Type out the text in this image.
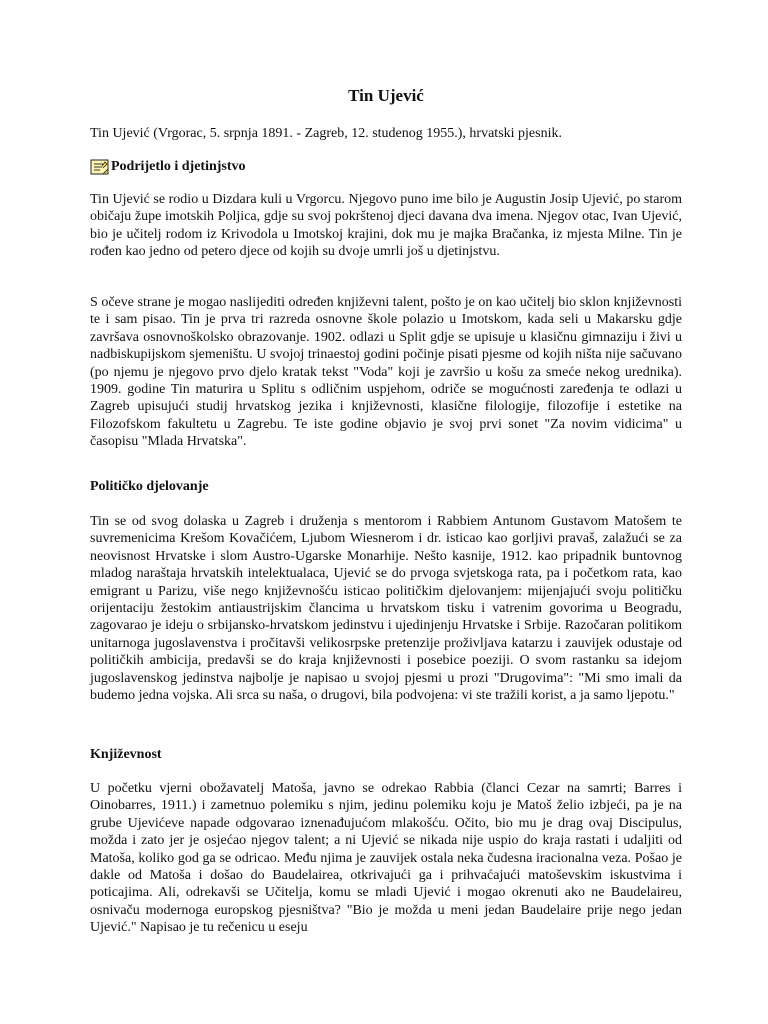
Tin Ujević

Tin Ujević (Vrgorac, 5. srpnja 1891. - Zagreb, 12. studenog 1955.), hrvatski pjesnik.

Podrijetlo i djetinjstvo

Tin Ujević se rodio u Dizdara kuli u Vrgorcu. Njegovo puno ime bilo je Augustin Josip Ujević, po starom običaju župe imotskih Poljica, gdje su svoj pokrštenoj djeci davana dva imena. Njegov otac, Ivan Ujević, bio je učitelj rodom iz Krivodola u Imotskoj krajini, dok mu je majka Bračanka, iz mjesta Milne. Tin je rođen kao jedno od petero djece od kojih su dvoje umrli još u djetinjstvu.

S očeve strane je mogao naslijediti određen književni talent, pošto je on kao učitelj bio sklon književnosti te i sam pisao. Tin je prva tri razreda osnovne škole polazio u Imotskom, kada seli u Makarsku gdje završava osnovnoškolsko obrazovanje. 1902. odlazi u Split gdje se upisuje u klasičnu gimnaziju i živi u nadbiskupijskom sjemeništu. U svojoj trinaestoj godini počinje pisati pjesme od kojih ništa nije sačuvano (po njemu je njegovo prvo djelo kratak tekst "Voda" koji je završio u košu za smeće nekog urednika). 1909. godine Tin maturira u Splitu s odličnim uspjehom, odriče se mogućnosti zaređenja te odlazi u Zagreb upisujući studij hrvatskog jezika i književnosti, klasične filologije, filozofije i estetike na Filozofskom fakultetu u Zagrebu. Te iste godine objavio je svoj prvi sonet "Za novim vidicima" u časopisu "Mlada Hrvatska".

Političko djelovanje

Tin se od svog dolaska u Zagreb i druženja s mentorom i Rabbiem Antunom Gustavom Matošem te suvremenicima Krešom Kovačićem, Ljubom Wiesnerom i dr. isticao kao gorljivi pravaš, zalažući se za neovisnost Hrvatske i slom Austro-Ugarske Monarhije. Nešto kasnije, 1912. kao pripadnik buntovnog mladog naraštaja hrvatskih intelektualaca, Ujević se do prvoga svjetskoga rata, pa i početkom rata, kao emigrant u Parizu, više nego književnošću isticao političkim djelovanjem: mijenjajući svoju političku orijentaciju žestokim antiaustrijskim člancima u hrvatskom tisku i vatrenim govorima u Beogradu, zagovarao je ideju o srbijansko-hrvatskom jedinstvu i ujedinjenju Hrvatske i Srbije. Razočaran politikom unitarnoga jugoslavenstva i pročitavši velikosrpske pretenzije proživljava katarzu i zauvijek odustaje od političkih ambicija, predavši se do kraja književnosti i posebice poeziji. O svom rastanku sa idejom jugoslavenskog jedinstva najbolje je napisao u svojoj pjesmi u prozi "Drugovima": "Mi smo imali da budemo jedna vojska. Ali srca su naša, o drugovi, bila podvojena: vi ste tražili korist, a ja samo ljepotu."

Književnost

U početku vjerni obožavatelj Matoša, javno se odrekao Rabbia (članci Cezar na samrti; Barres i Oinobarres, 1911.) i zametnuo polemiku s njim, jedinu polemiku koju je Matoš želio izbjeći, pa je na grube Ujevićeve napade odgovarao iznenađujućom mlakošću. Očito, bio mu je drag ovaj Discipulus, možda i zato jer je osjećao njegov talent; a ni Ujević se nikada nije uspio do kraja rastati i udaljiti od Matoša, koliko god ga se odricao. Među njima je zauvijek ostala neka čudesna iracionalna veza. Pošao je dakle od Matoša i došao do Baudelairea, otkrivajući ga i prihvaćajući matoševskim iskustvima i poticajima. Ali, odrekavši se Učitelja, komu se mladi Ujević i mogao okrenuti ako ne Baudelaireu, osnivaču modernoga europskog pjesništva? "Bio je možda u meni jedan Baudelaire prije nego jedan Ujević." Napisao je tu rečenicu u eseju
